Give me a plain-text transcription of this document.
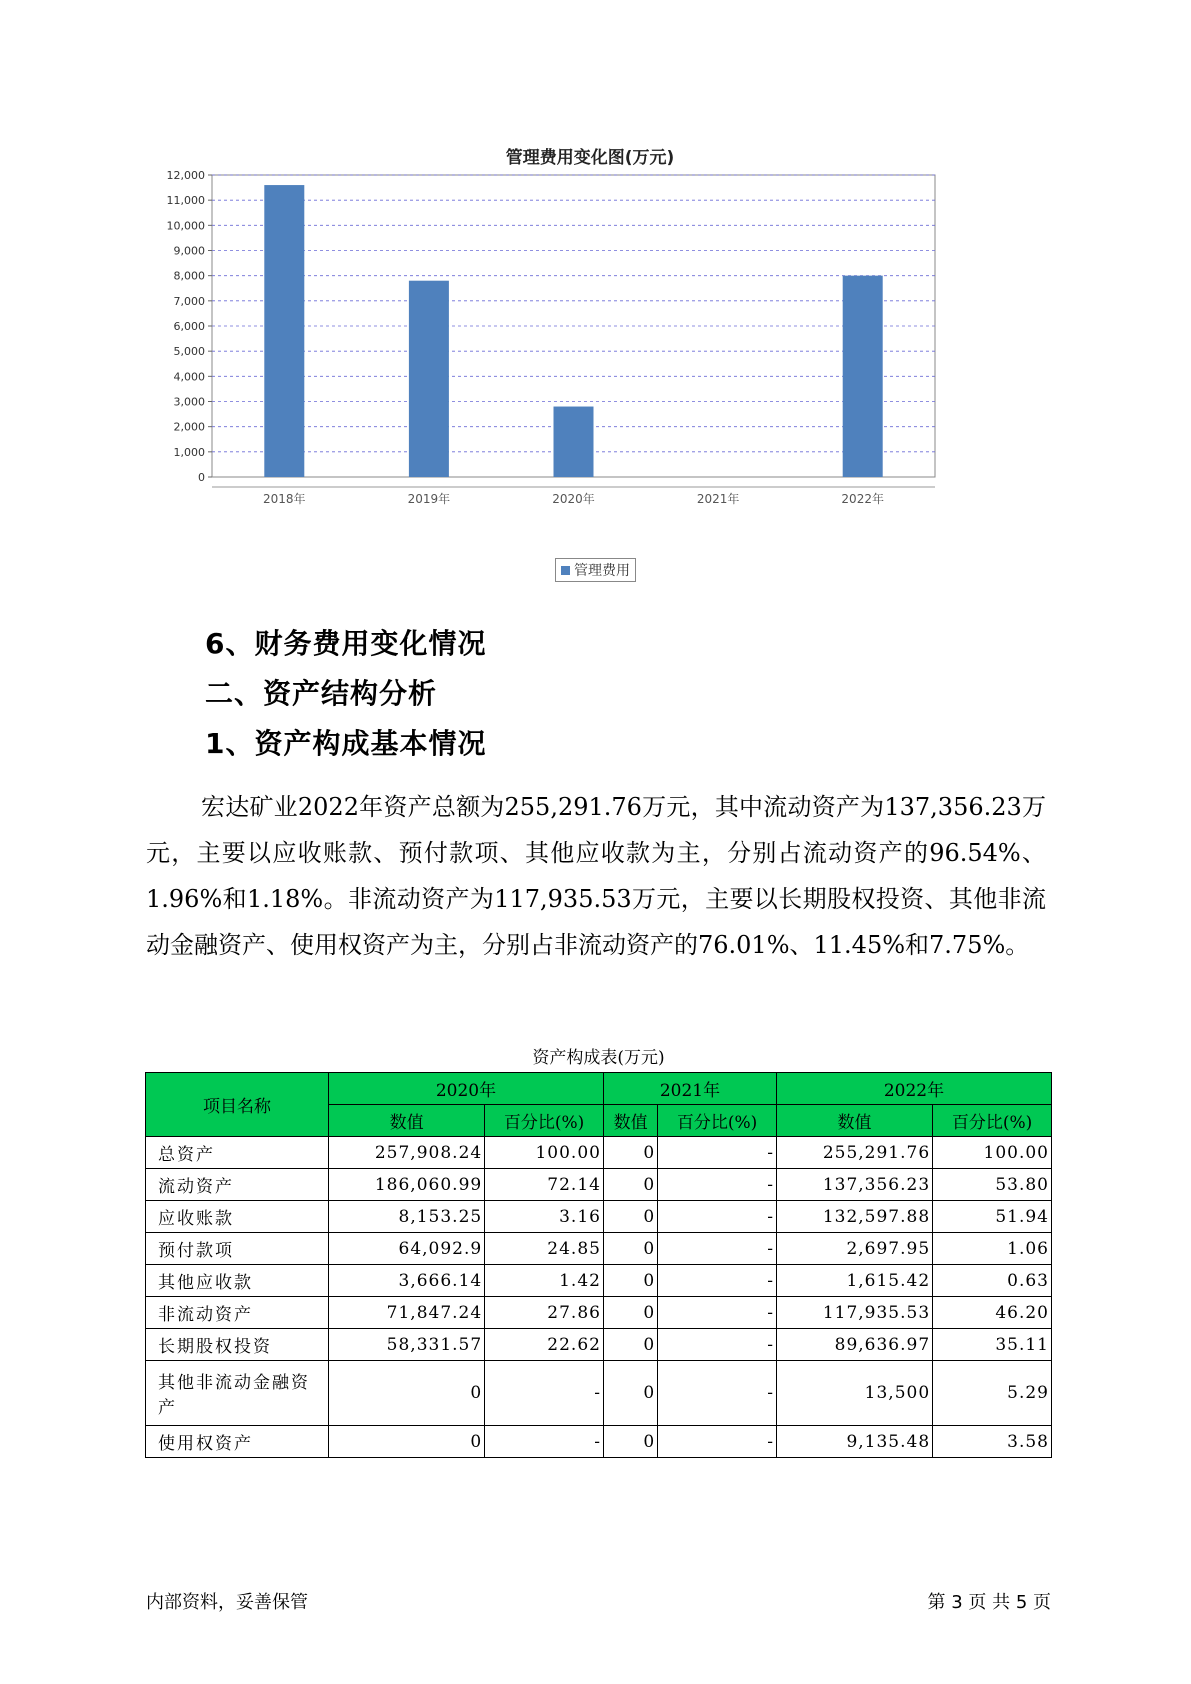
0
1,000
2,000
3,000
4,000
5,000
6,000
7,000
8,000
9,000
10,000
11,000
12,000
2018年	2019年	2020年	2021年	2022年
管理费用变化图(万元)
管理费用
6、财务费用变化情况
二、资产结构分析
1、资产构成基本情况
宏达矿业2022年资产总额为255,291.76万元，其中流动资产为137,356.23万元，主要以应收账款、预付款项、其他应收款为主，分别占流动资产的96.54%、1.96%和1.18%。非流动资产为117,935.53万元，主要以长期股权投资、其他非流动金融资产、使用权资产为主，分别占非流动资产的76.01%、11.45%和7.75%。
资产构成表(万元)
项目名称	2020年		2021年		2022年	
	数值	百分比(%)	数值	百分比(%)	数值	百分比(%)
总资产	257,908.24	100.00	0	-	255,291.76	100.00
流动资产	186,060.99	72.14	0	-	137,356.23	53.80
应收账款	8,153.25	3.16	0	-	132,597.88	51.94
预付款项	64,092.9	24.85	0	-	2,697.95	1.06
其他应收款	3,666.14	1.42	0	-	1,615.42	0.63
非流动资产	71,847.24	27.86	0	-	117,935.53	46.20
长期股权投资	58,331.57	22.62	0	-	89,636.97	35.11
其他非流动金融资产	0	-	0	-	13,500	5.29
使用权资产	0	-	0	-	9,135.48	3.58
内部资料，妥善保管	第 3 页 共 5 页
